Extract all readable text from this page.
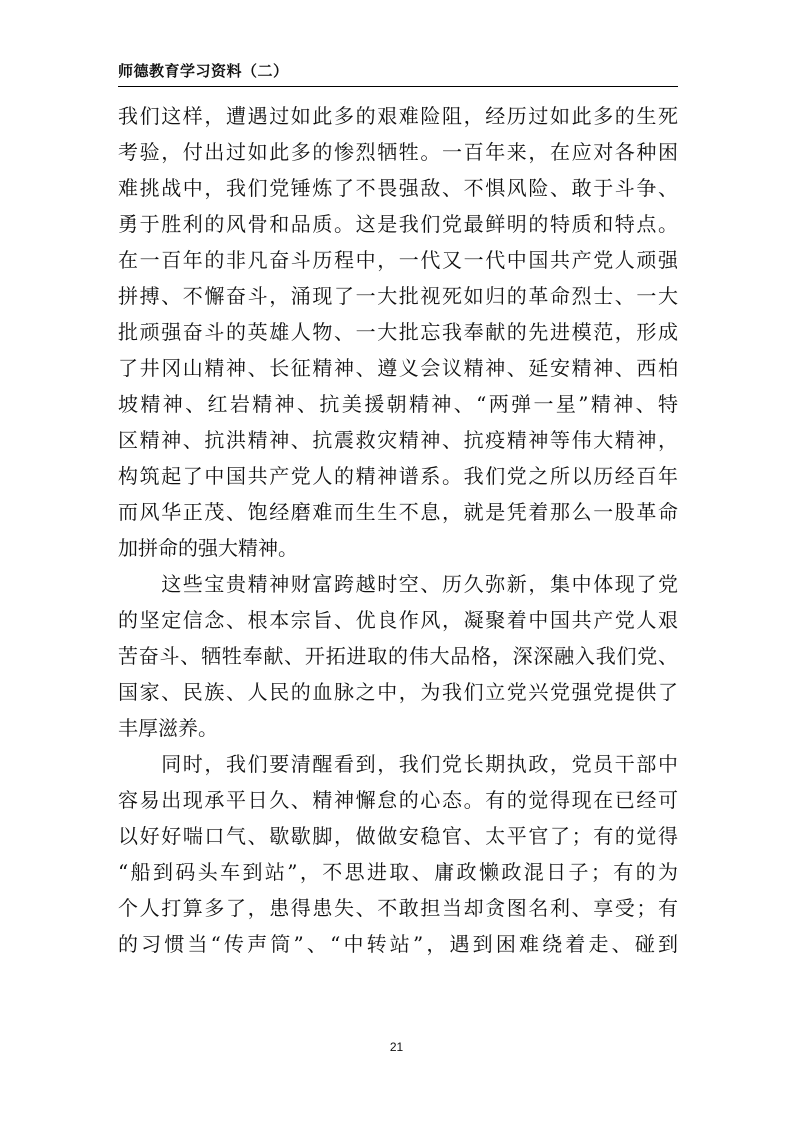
师德教育学习资料（二）
我们这样，遭遇过如此多的艰难险阻，经历过如此多的生死
考验，付出过如此多的惨烈牺牲。一百年来，在应对各种困
难挑战中，我们党锤炼了不畏强敌、不惧风险、敢于斗争、
勇于胜利的风骨和品质。这是我们党最鲜明的特质和特点。
在一百年的非凡奋斗历程中，一代又一代中国共产党人顽强
拼搏、不懈奋斗，涌现了一大批视死如归的革命烈士、一大
批顽强奋斗的英雄人物、一大批忘我奉献的先进模范，形成
了井冈山精神、长征精神、遵义会议精神、延安精神、西柏
坡精神、红岩精神、抗美援朝精神、“两弹一星”精神、特
区精神、抗洪精神、抗震救灾精神、抗疫精神等伟大精神，
构筑起了中国共产党人的精神谱系。我们党之所以历经百年
而风华正茂、饱经磨难而生生不息，就是凭着那么一股革命
加拼命的强大精神。
　　这些宝贵精神财富跨越时空、历久弥新，集中体现了党
的坚定信念、根本宗旨、优良作风，凝聚着中国共产党人艰
苦奋斗、牺牲奉献、开拓进取的伟大品格，深深融入我们党、
国家、民族、人民的血脉之中，为我们立党兴党强党提供了
丰厚滋养。
　　同时，我们要清醒看到，我们党长期执政，党员干部中
容易出现承平日久、精神懈怠的心态。有的觉得现在已经可
以好好喘口气、歇歇脚，做做安稳官、太平官了；有的觉得
“船到码头车到站”，不思进取、庸政懒政混日子；有的为
个人打算多了，患得患失、不敢担当却贪图名利、享受；有
的习惯当“传声筒”、“中转站”，遇到困难绕着走、碰到
21
